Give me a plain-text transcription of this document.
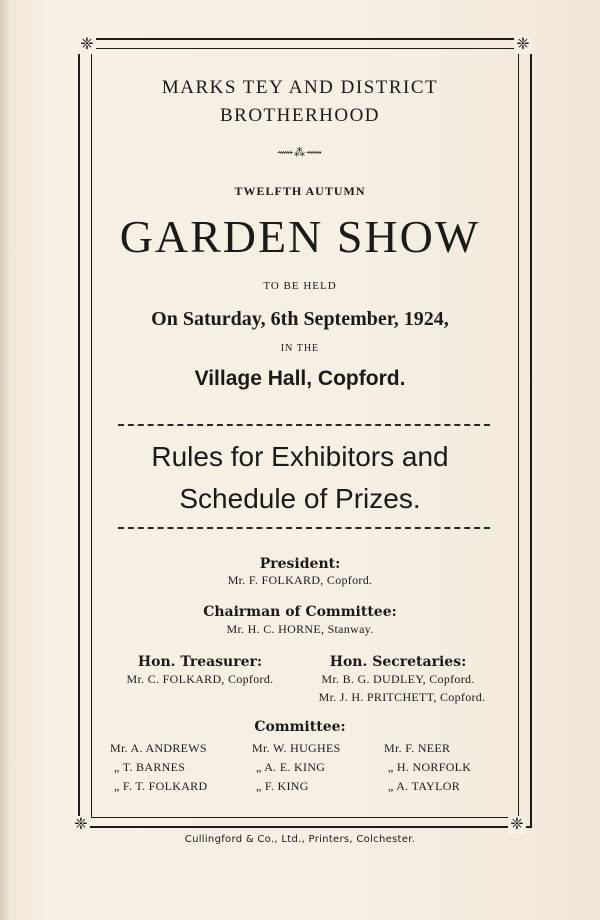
❈	❈
❈	❈
MARKS TEY AND DISTRICT BROTHERHOOD
⟿⁂⟿
TWELFTH AUTUMN
GARDEN SHOW
TO BE HELD
On Saturday, 6th September, 1924,
IN THE
Village Hall, Copford.
Rules for Exhibitors and
Schedule of Prizes.
President:
Mr. F. FOLKARD, Copford.
Chairman of Committee:
Mr. H. C. HORNE, Stanway.
Hon. Treasurer:
Mr. C. FOLKARD, Copford.
Hon. Secretaries:
Mr. B. G. DUDLEY, Copford.
Mr. J. H. PRITCHETT, Copford.
Committee:
Mr. A. ANDREWS
„ T. BARNES
„ F. T. FOLKARD
Mr. W. HUGHES
„ A. E. KING
„ F. KING
Mr. F. NEER
„ H. NORFOLK
„ A. TAYLOR
Cullingford & Co., Ltd., Printers, Colchester.
